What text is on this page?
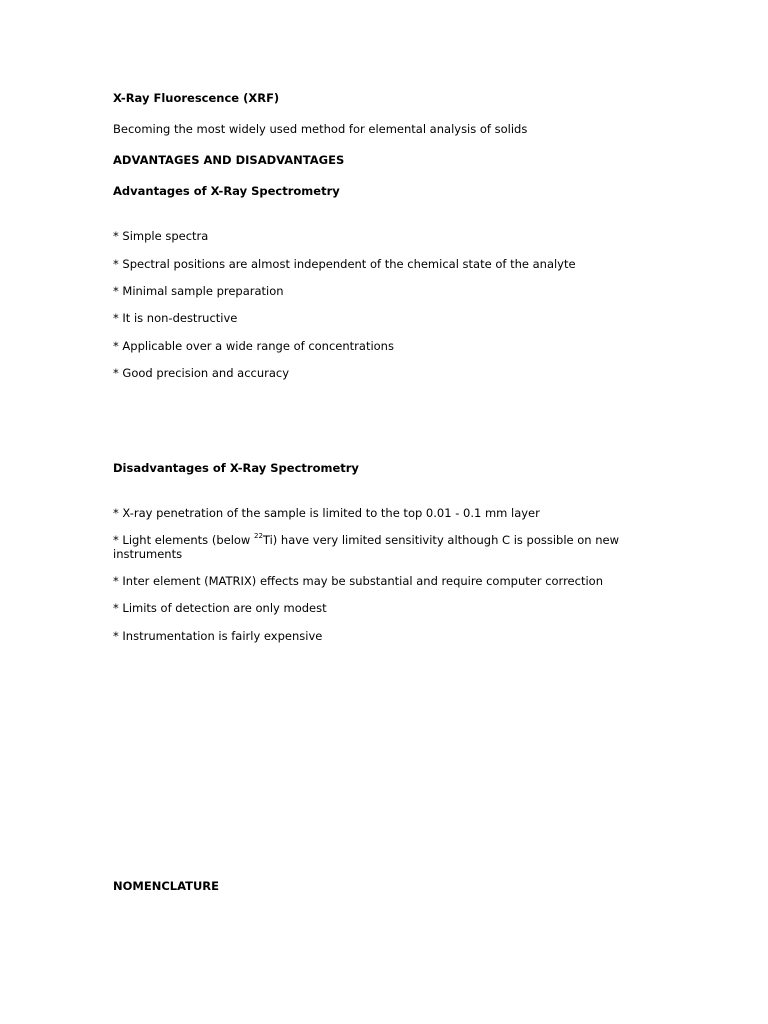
X-Ray Fluorescence (XRF)
Becoming the most widely used method for elemental analysis of solids
ADVANTAGES AND DISADVANTAGES
Advantages of X-Ray Spectrometry
* Simple spectra
* Spectral positions are almost independent of the chemical state of the analyte
* Minimal sample preparation
* It is non-destructive
* Applicable over a wide range of concentrations
* Good precision and accuracy
Disadvantages of X-Ray Spectrometry
* X-ray penetration of the sample is limited to the top 0.01 - 0.1 mm layer
* Light elements (below $^{22}$Ti) have very limited sensitivity although C is possible on new instruments
* Inter element (MATRIX) effects may be substantial and require computer correction
* Limits of detection are only modest
* Instrumentation is fairly expensive
NOMENCLATURE
